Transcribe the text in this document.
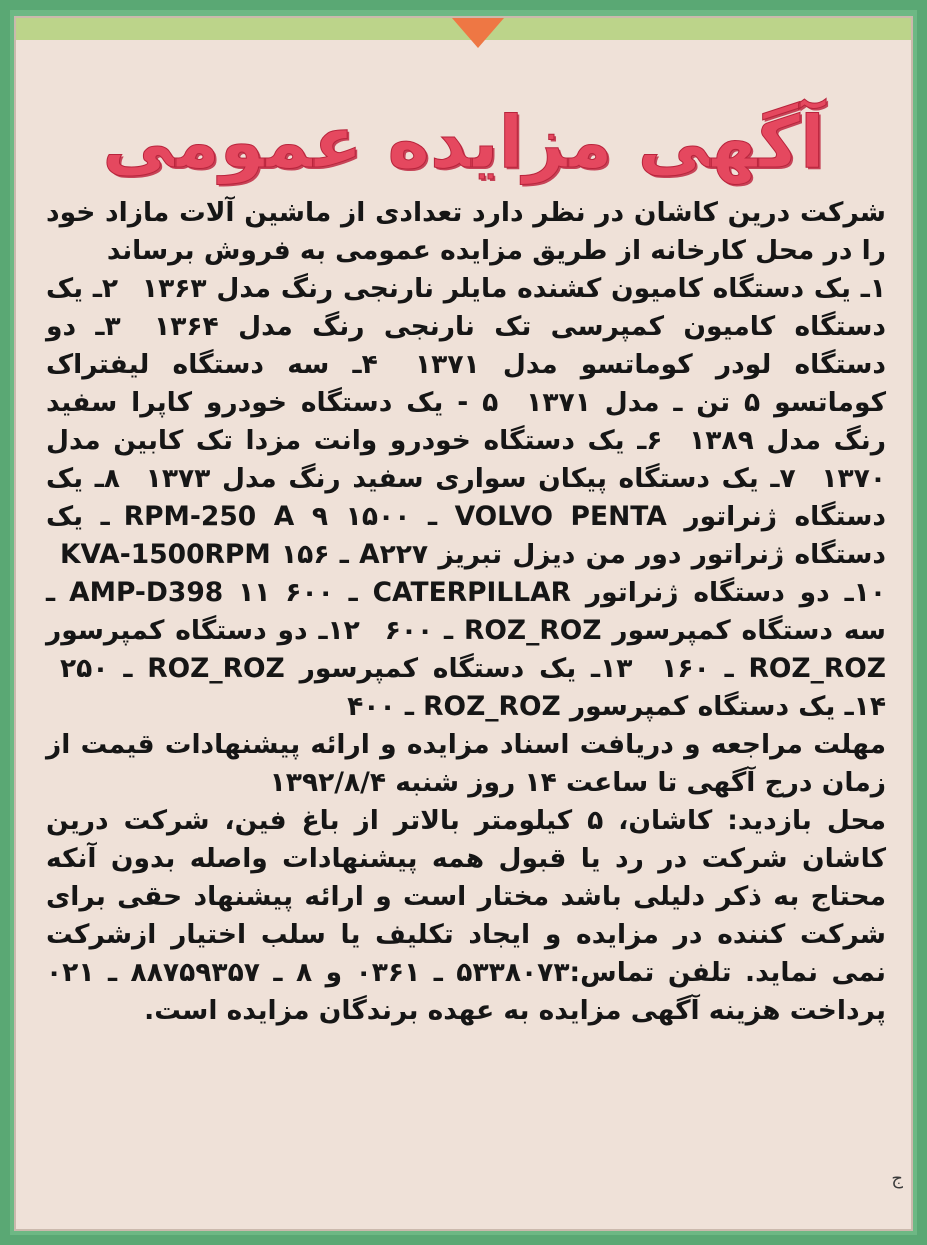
آگهی مزایده عمومی

شرکت درین کاشان در نظر دارد تعدادی از ماشین آلات مازاد خود را در محل کارخانه از طریق مزایده عمومی به فروش برساند

۱ـ یک دستگاه کامیون کشنده مایلر نارنجی رنگ مدل ۱۳۶۳ ۲ـ یک دستگاه کامیون کمپرسی تک نارنجی رنگ مدل ۱۳۶۴ ۳ـ دو دستگاه لودر کوماتسو مدل ۱۳۷۱ ۴ـ سه دستگاه لیفتراک کوماتسو ۵ تن ـ مدل ۱۳۷۱ ۵ - یک دستگاه خودرو کاپرا سفید رنگ مدل ۱۳۸۹ ۶ـ یک دستگاه خودرو وانت مزدا تک کابین مدل ۱۳۷۰ ۷ـ یک دستگاه پیکان سواری سفید رنگ مدل ۱۳۷۳ ۸ـ یک دستگاه ژنراتور VOLVO PENTA ـ ۱۵۰۰ RPM-250 A ۹ـ یک دستگاه ژنراتور دور من دیزل تبریز A۲۲۷ ـ ۱۵۶ KVA-1500RPM ۱۰ـ دو دستگاه ژنراتور CATERPILLAR ـ ۶۰۰ AMP-D398 ۱۱ـ سه دستگاه کمپرسور ROZ_ROZ ـ ۶۰۰ ۱۲ـ دو دستگاه کمپرسور ROZ_ROZ ـ ۱۶۰ ۱۳ـ یک دستگاه کمپرسور ROZ_ROZ ـ ۲۵۰ ۱۴ـ یک دستگاه کمپرسور ROZ_ROZ ـ ۴۰۰

مهلت مراجعه و دریافت اسناد مزایده و ارائه پیشنهادات قیمت از زمان درج آگهی تا ساعت ۱۴ روز شنبه ۱۳۹۲/۸/۴

محل بازدید: کاشان، ۵ کیلومتر بالاتر از باغ فین، شرکت درین کاشان شرکت در رد یا قبول همه پیشنهادات واصله بدون آنکه محتاج به ذکر دلیلی باشد مختار است و ارائه پیشنهاد حقی برای شرکت کننده در مزایده و ایجاد تکلیف یا سلب اختیار ازشرکت نمی نماید. تلفن تماس:۵۳۳۸۰۷۳ ـ ۰۳۶۱ و ۸ ـ ۸۸۷۵۹۳۵۷ ـ ۰۲۱ پرداخت هزینه آگهی مزایده به عهده برندگان مزایده است.

ج
